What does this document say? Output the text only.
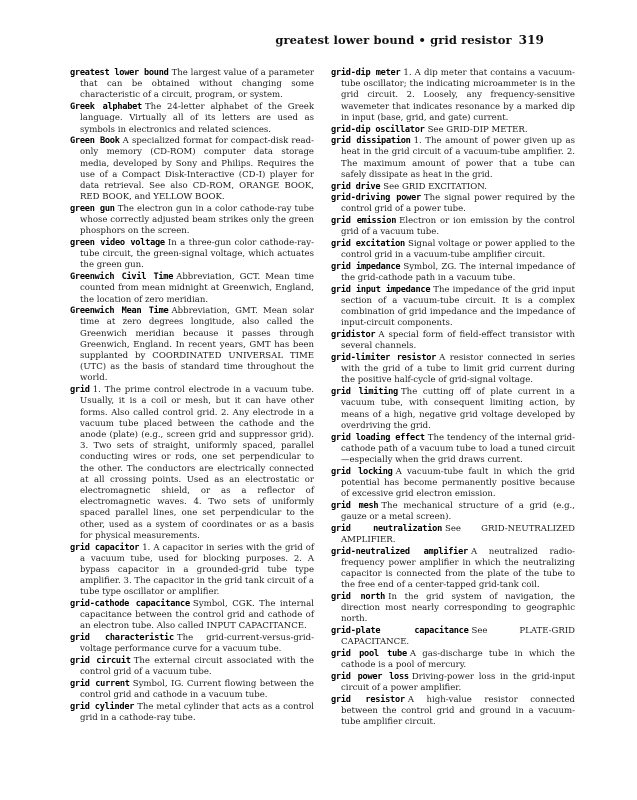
greatest lower bound • grid resistor 319

greatest lower bound The largest value of a parameter that can be obtained without changing some characteristic of a circuit, program, or system.

Greek alphabet The 24-letter alphabet of the Greek language. Virtually all of its letters are used as symbols in electronics and related sciences.

Green Book A specialized format for compact-disk read-only memory (CD-ROM) computer data storage media, developed by Sony and Philips. Requires the use of a Compact Disk-Interactive (CD-I) player for data retrieval. See also CD-ROM, ORANGE BOOK, RED BOOK, and YELLOW BOOK.

green gun The electron gun in a color cathode-ray tube whose correctly adjusted beam strikes only the green phosphors on the screen.

green video voltage In a three-gun color cathode-ray-tube circuit, the green-signal voltage, which actuates the green gun.

Greenwich Civil Time Abbreviation, GCT. Mean time counted from mean midnight at Greenwich, England, the location of zero meridian.

Greenwich Mean Time Abbreviation, GMT. Mean solar time at zero degrees longitude, also called the Greenwich meridian because it passes through Greenwich, England. In recent years, GMT has been supplanted by COORDINATED UNIVERSAL TIME (UTC) as the basis of standard time throughout the world.

grid 1. The prime control electrode in a vacuum tube. Usually, it is a coil or mesh, but it can have other forms. Also called control grid. 2. Any electrode in a vacuum tube placed between the cathode and the anode (plate) (e.g., screen grid and suppressor grid). 3. Two sets of straight, uniformly spaced, parallel conducting wires or rods, one set perpendicular to the other. The conductors are electrically connected at all crossing points. Used as an electrostatic or electromagnetic shield, or as a reflector of electromagnetic waves. 4. Two sets of uniformly spaced parallel lines, one set perpendicular to the other, used as a system of coordinates or as a basis for physical measurements.

grid capacitor 1. A capacitor in series with the grid of a vacuum tube, used for blocking purposes. 2. A bypass capacitor in a grounded-grid tube type amplifier. 3. The capacitor in the grid tank circuit of a tube type oscillator or amplifier.

grid-cathode capacitance Symbol, CGK. The internal capacitance between the control grid and cathode of an electron tube. Also called INPUT CAPACITANCE.

grid characteristic The grid-current-versus-grid-voltage performance curve for a vacuum tube.

grid circuit The external circuit associated with the control grid of a vacuum tube.

grid current Symbol, IG. Current flowing between the control grid and cathode in a vacuum tube.

grid cylinder The metal cylinder that acts as a control grid in a cathode-ray tube.

grid-dip meter 1. A dip meter that contains a vacuum-tube oscillator; the indicating microammeter is in the grid circuit. 2. Loosely, any frequency-sensitive wavemeter that indicates resonance by a marked dip in input (base, grid, and gate) current.

grid-dip oscillator See GRID-DIP METER.

grid dissipation 1. The amount of power given up as heat in the grid circuit of a vacuum-tube amplifier. 2. The maximum amount of power that a tube can safely dissipate as heat in the grid.

grid drive See GRID EXCITATION.

grid-driving power The signal power required by the control grid of a power tube.

grid emission Electron or ion emission by the control grid of a vacuum tube.

grid excitation Signal voltage or power applied to the control grid in a vacuum-tube amplifier circuit.

grid impedance Symbol, ZG. The internal impedance of the grid-cathode path in a vacuum tube.

grid input impedance The impedance of the grid input section of a vacuum-tube circuit. It is a complex combination of grid impedance and the impedance of input-circuit components.

gridistor A special form of field-effect transistor with several channels.

grid-limiter resistor A resistor connected in series with the grid of a tube to limit grid current during the positive half-cycle of grid-signal voltage.

grid limiting The cutting off of plate current in a vacuum tube, with consequent limiting action, by means of a high, negative grid voltage developed by overdriving the grid.

grid loading effect The tendency of the internal grid-cathode path of a vacuum tube to load a tuned circuit—especially when the grid draws current.

grid locking A vacuum-tube fault in which the grid potential has become permanently positive because of excessive grid electron emission.

grid mesh The mechanical structure of a grid (e.g., gauze or a metal screen).

grid neutralization See GRID-NEUTRALIZED AMPLIFIER.

grid-neutralized amplifier A neutralized radio-frequency power amplifier in which the neutralizing capacitor is connected from the plate of the tube to the free end of a center-tapped grid-tank coil.

grid north In the grid system of navigation, the direction most nearly corresponding to geographic north.

grid-plate capacitance See PLATE-GRID CAPACITANCE.

grid pool tube A gas-discharge tube in which the cathode is a pool of mercury.

grid power loss Driving-power loss in the grid-input circuit of a power amplifier.

grid resistor A high-value resistor connected between the control grid and ground in a vacuum-tube amplifier circuit.
